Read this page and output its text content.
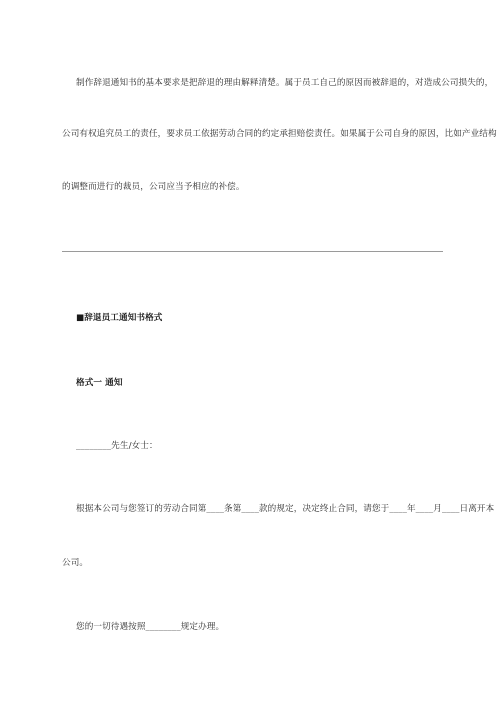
制作辞退通知书的基本要求是把辞退的理由解释清楚。属于员工自己的原因而被辞退的，对造成公司损失的，
公司有权追究员工的责任，要求员工依据劳动合同的约定承担赔偿责任。如果属于公司自身的原因，比如产业结构
的调整而进行的裁员，公司应当予相应的补偿。
■辞退员工通知书格式
格式一 通知
________先生/女士：
根据本公司与您签订的劳动合同第____条第____款的规定，决定终止合同，请您于____年____月____日离开本
公司。
您的一切待遇按照________规定办理。
